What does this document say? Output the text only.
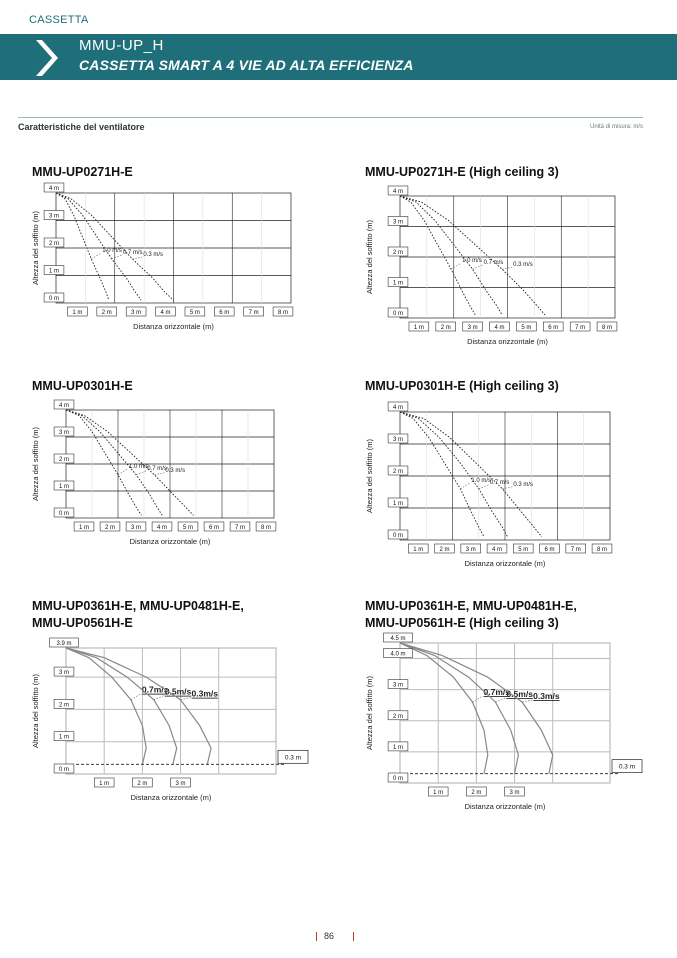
CASSETTA
MMU-UP_H
CASSETTA SMART A 4 VIE AD ALTA EFFICIENZA
Caratteristiche del ventilatore	Unità di misura: m/s
MMU-UP0271H-E
1.0 m/s 0.7 m/s 0.3 m/s
0 m
1 m
2 m
3 m
4 m
1 m	2 m	3 m	4 m	5 m	6 m	7 m	8 m
Distanza orizzontale (m)
Altezza del soffitto (m)
MMU-UP0271H-E (High ceiling 3)
1.0 m/s 0.7 m/s 0.3 m/s
0 m
1 m
2 m
3 m
4 m
1 m	2 m	3 m	4 m	5 m	6 m	7 m	8 m
Distanza orizzontale (m)
Altezza del soffitto (m)
MMU-UP0301H-E
1.0 m/s
0.7 m/s
0.3 m/s
0 m
1 m
2 m
3 m
4 m
1 m	2 m	3 m	4 m	5 m	6 m	7 m	8 m
Distanza orizzontale (m)
Altezza del soffitto (m)
MMU-UP0301H-E (High ceiling 3)
1.0 m/s
0.7 m/s 0.3 m/s
0 m
1 m
2 m
3 m
4 m
1 m	2 m	3 m	4 m	5 m	6 m	7 m	8 m
Distanza orizzontale (m)
Altezza del soffitto (m)
MMU-UP0361H-E, MMU-UP0481H-E,
MMU-UP0561H-E
0.7m/s
0.5m/s 0.3m/s
0.3 m
0 m
1 m
2 m
3 m
3.9 m
1 m	2 m	3 m
Distanza orizzontale (m)
Altezza del soffitto (m)
MMU-UP0361H-E, MMU-UP0481H-E,
MMU-UP0561H-E (High ceiling 3)
0.7m/s
0.5m/s 0.3m/s
0.3 m
0 m
1 m
2 m
3 m
4.0 m
4.5 m
1 m	2 m	3 m
Distanza orizzontale (m)
Altezza del soffitto (m)
86
